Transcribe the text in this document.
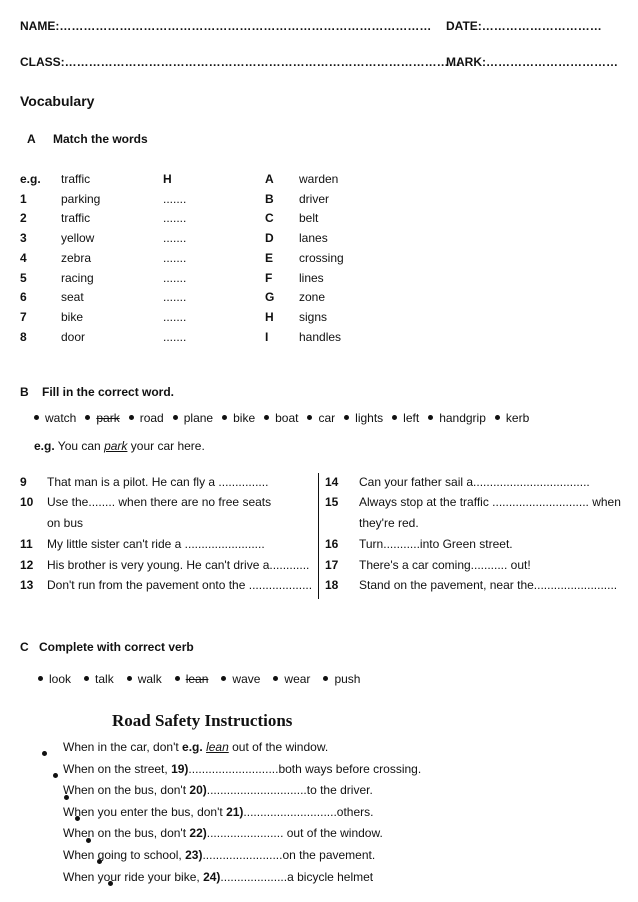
NAME:………………………………………………………………………………… DATE:…………………………
CLASS:………………………………………………………………………………………
MARK:……………………………
Vocabulary
A Match the words
e.g. traffic	H	A warden
1	parking	.......	B driver
2	traffic	.......	C belt
3	yellow	.......	D lanes
4	zebra	.......	E crossing
5	racing	.......	F lines
6	seat	.......	G zone
7	bike	.......	H signs
8	door	.......	I	handles
B Fill in the correct word.
watch park road plane bike boat car lights left handgrip kerb
e.g. You can park your car here.
9 That man is a pilot. He can fly a ...............
10 Use the........ when there are no free seats
on bus
11 My little sister can't ride a ........................
12 His brother is very young. He can't drive a............
13 Don't run from the pavement onto the ...................
14 Can your father sail a...................................
15 Always stop at the traffic ............................. when
they're red.
16 Turn...........into Green street.
17 There's a car coming........... out!
18 Stand on the pavement, near the.........................
C Complete with correct verb
look talk walk lean wave wear push
Road Safety Instructions
When in the car, don't e.g. lean out of the window.
When on the street, 19)...........................both ways before crossing.
When on the bus, don't 20)..............................to the driver.
When you enter the bus, don't 21)............................others.
When on the bus, don't 22)....................... out of the window.
When going to school, 23)........................on the pavement.
When your ride your bike, 24)....................a bicycle helmet
